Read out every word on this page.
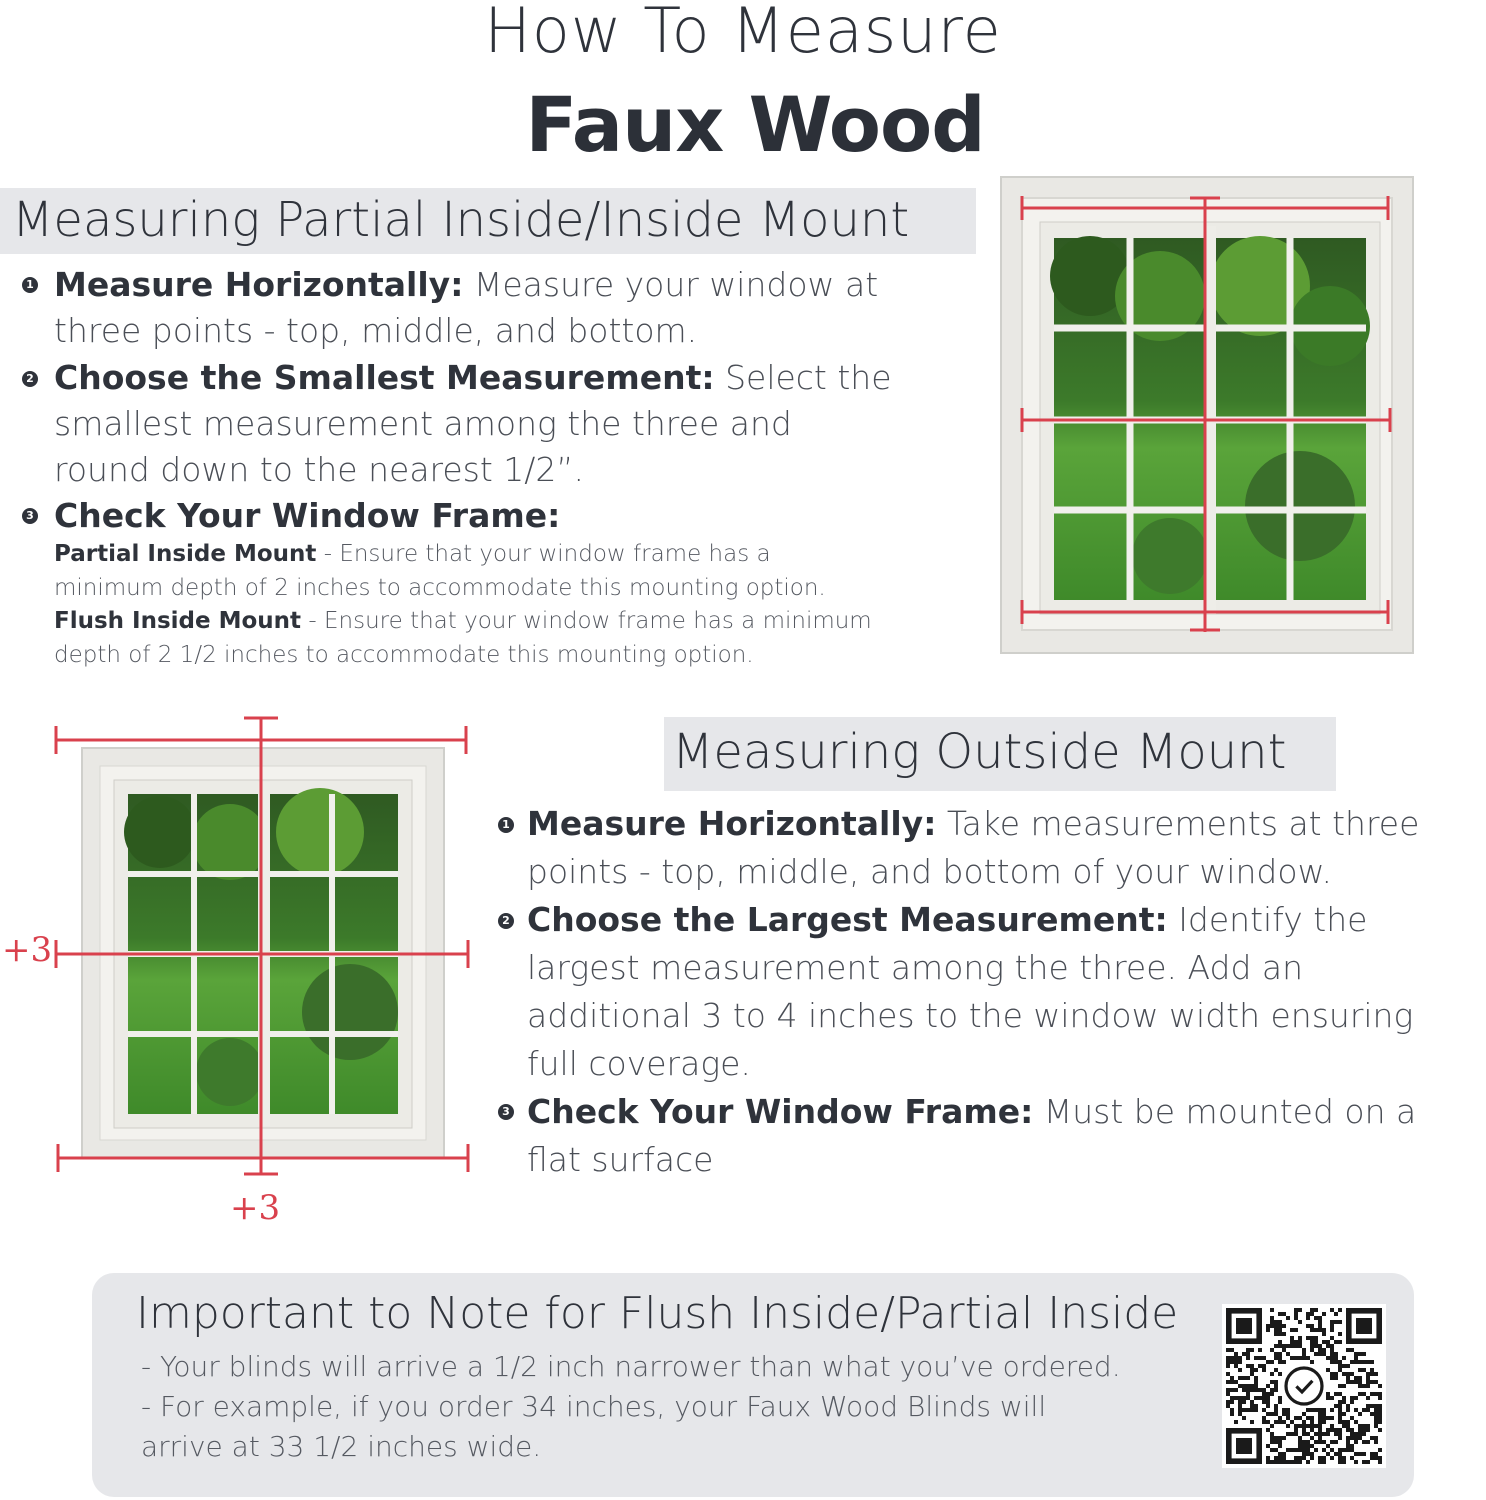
How To Measure
Faux Wood
Measuring Partial Inside/Inside Mount
1 Measure Horizontally: Measure your window at
three points - top, middle, and bottom.
2 Choose the Smallest Measurement: Select the
smallest measurement among the three and
round down to the nearest 1/2”.
3 Check Your Window Frame:
Partial Inside Mount - Ensure that your window frame has a
minimum depth of 2 inches to accommodate this mounting option.
Flush Inside Mount - Ensure that your window frame has a minimum
depth of 2 1/2 inches to accommodate this mounting option.
+3
+3
Measuring Outside Mount
1 Measure Horizontally: Take measurements at three
points - top, middle, and bottom of your window.
2 Choose the Largest Measurement: Identify the
largest measurement among the three. Add an
additional 3 to 4 inches to the window width ensuring
full coverage.
3 Check Your Window Frame: Must be mounted on a
flat surface
Important to Note for Flush Inside/Partial Inside
- Your blinds will arrive a 1/2 inch narrower than what you’ve ordered.
- For example, if you order 34 inches, your Faux Wood Blinds will
arrive at 33 1/2 inches wide.
